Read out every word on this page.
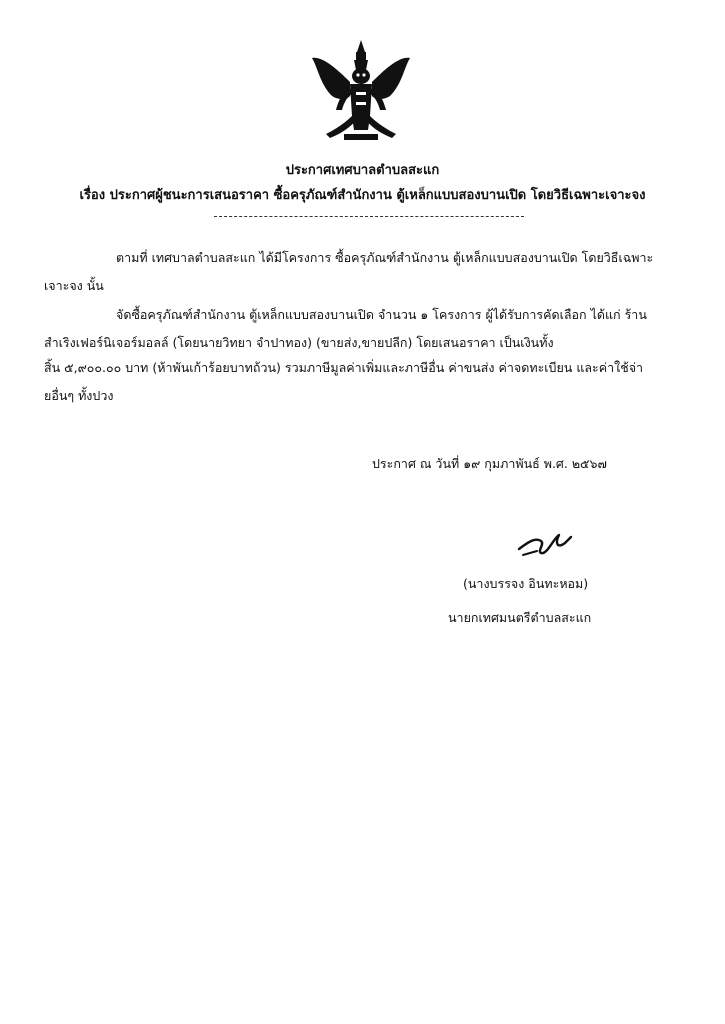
ประกาศเทศบาลตำบลสะแก
เรื่อง ประกาศผู้ชนะการเสนอราคา ซื้อครุภัณฑ์สำนักงาน ตู้เหล็กแบบสองบานเปิด โดยวิธีเฉพาะเจาะจง
ตามที่ เทศบาลตำบลสะแก ได้มีโครงการ ซื้อครุภัณฑ์สำนักงาน ตู้เหล็กแบบสองบานเปิด โดยวิธีเฉพาะ
เจาะจง นั้น
จัดซื้อครุภัณฑ์สำนักงาน ตู้เหล็กแบบสองบานเปิด จำนวน ๑ โครงการ ผู้ได้รับการคัดเลือก ได้แก่ ร้าน
สำเริงเฟอร์นิเจอร์มอลล์ (โดยนายวิทยา จำปาทอง) (ขายส่ง,ขายปลีก) โดยเสนอราคา เป็นเงินทั้ง
สิ้น ๕,๙๐๐.๐๐ บาท (ห้าพันเก้าร้อยบาทถ้วน) รวมภาษีมูลค่าเพิ่มและภาษีอื่น ค่าขนส่ง ค่าจดทะเบียน และค่าใช้จ่า
ยอื่นๆ ทั้งปวง
ประกาศ ณ วันที่ ๑๙ กุมภาพันธ์ พ.ศ. ๒๕๖๗
(นางบรรจง อินทะหอม)
นายกเทศมนตรีตำบลสะแก
